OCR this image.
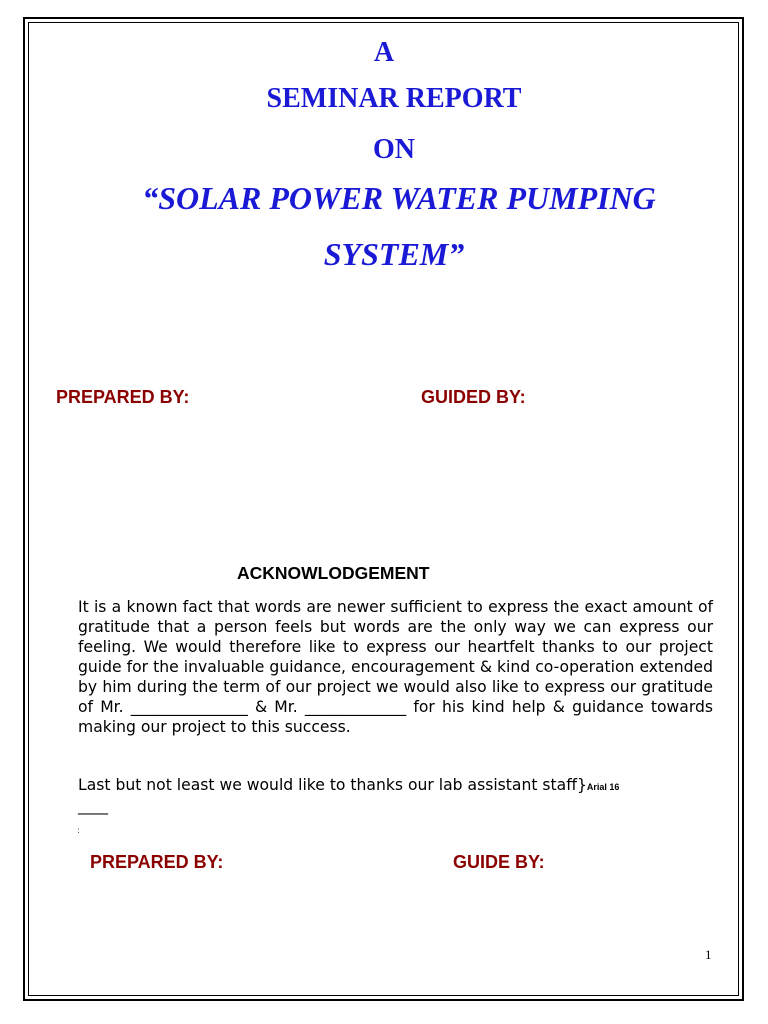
A
SEMINAR REPORT
ON
“SOLAR POWER WATER PUMPING
SYSTEM”
PREPARED BY:	GUIDED BY:
ACKNOWLODGEMENT
It is a known fact that words are newer sufficient to express the exact amount of gratitude that a person feels but words are the only way we can express our feeling. We would therefore like to express our heartfelt thanks to our project guide for the invaluable guidance, encouragement & kind co-operation extended by him during the term of our project we would also like to express our gratitude of Mr. _______________ & Mr. _____________ for his kind help & guidance towards making our project to this success.
Last but not least we would like to thanks our lab assistant staff}Arial 16
____
:
PREPARED BY:	GUIDE BY:
1
